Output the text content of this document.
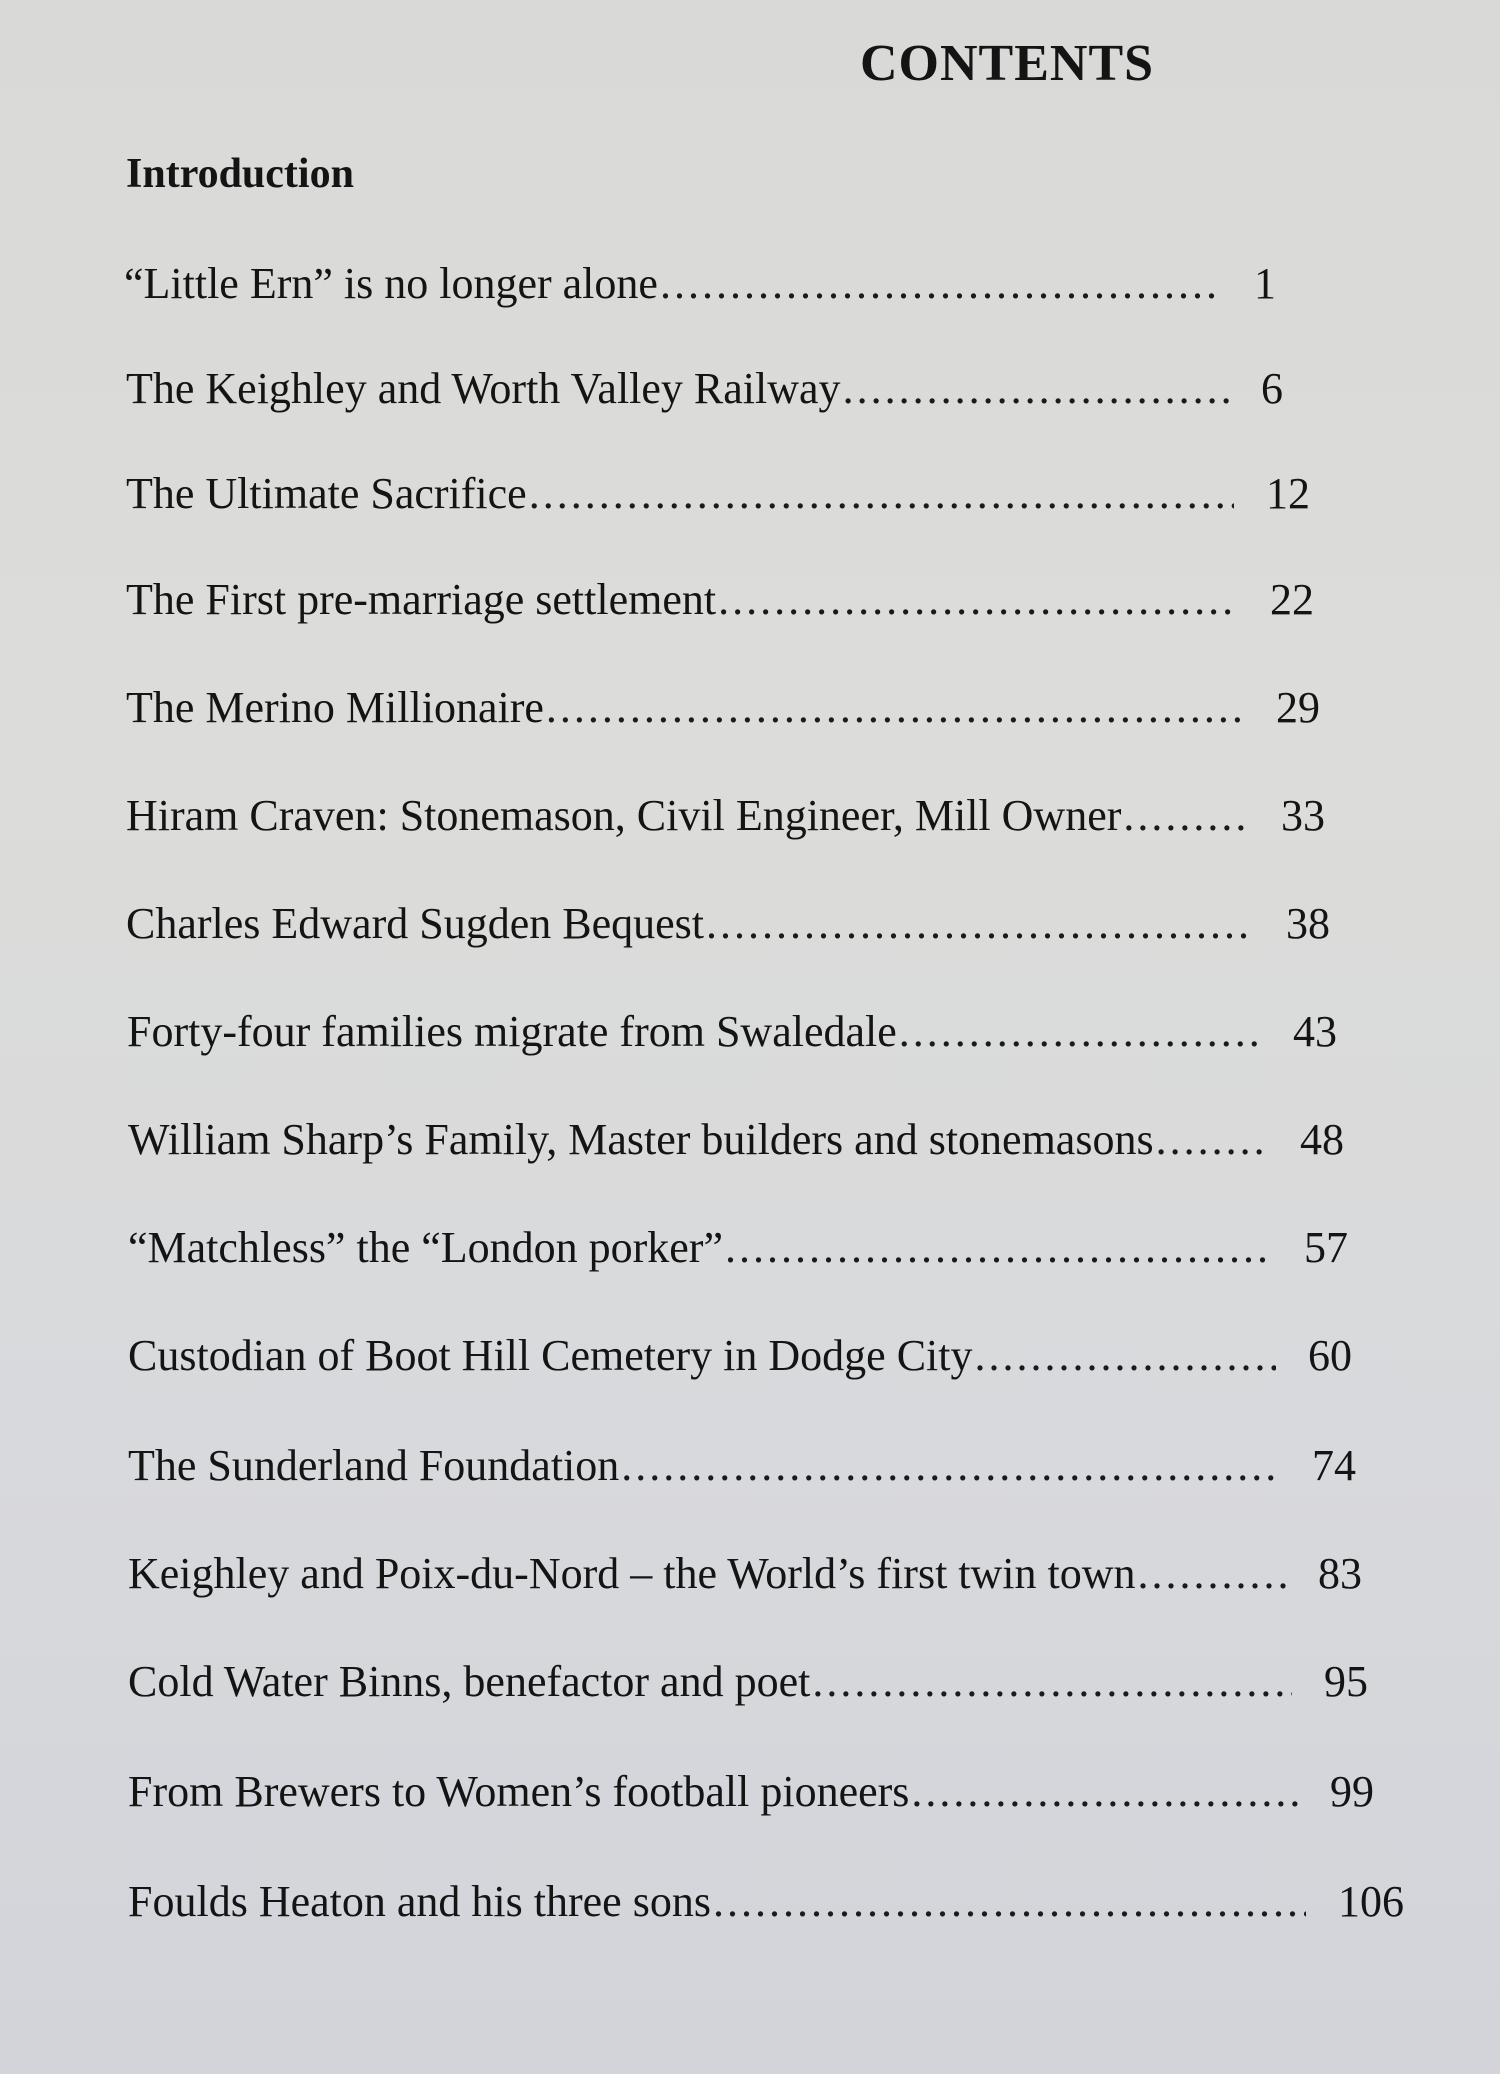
CONTENTS
Introduction
“Little Ern” is no longer alone .....	1
The Keighley and Worth Valley Railway .....	6
The Ultimate Sacrifice .....	12
The First pre-marriage settlement .....	22
The Merino Millionaire .....	29
Hiram Craven: Stonemason, Civil Engineer, Mill Owner .....	33
Charles Edward Sugden Bequest .....	38
Forty-four families migrate from Swaledale .....	43
William Sharp’s Family, Master builders and stonemasons .....	48
“Matchless” the “London porker” .....	57
Custodian of Boot Hill Cemetery in Dodge City .....	60
The Sunderland Foundation .....	74
Keighley and Poix-du-Nord – the World’s first twin town .....	83
Cold Water Binns, benefactor and poet .....	95
From Brewers to Women’s football pioneers .....	99
Foulds Heaton and his three sons .....	106
